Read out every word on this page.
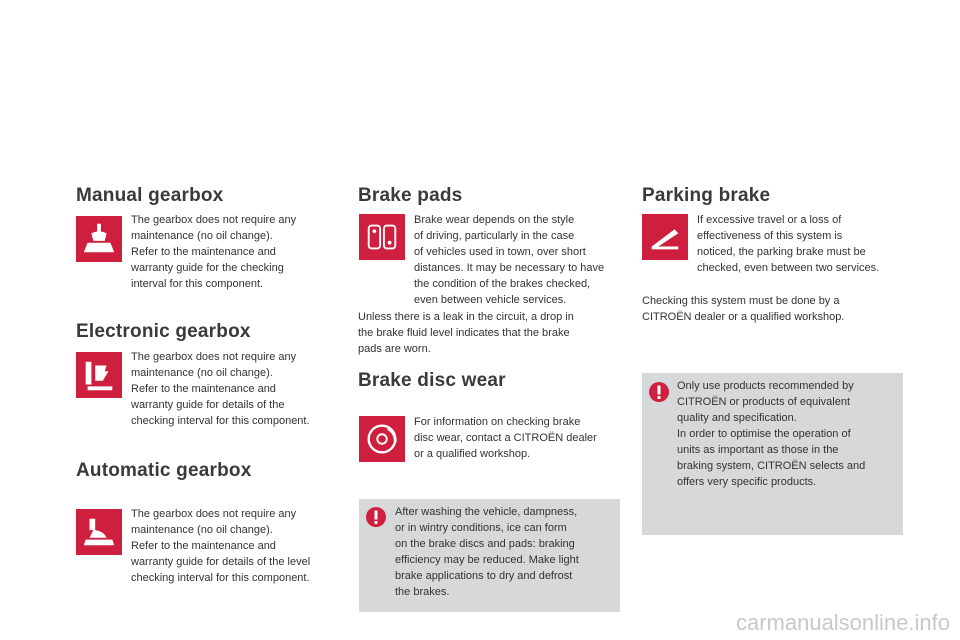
Manual gearbox

The gearbox does not require any
maintenance (no oil change).
Refer to the maintenance and
warranty guide for the checking
interval for this component.

Electronic gearbox

The gearbox does not require any
maintenance (no oil change).
Refer to the maintenance and
warranty guide for details of the
checking interval for this component.

Automatic gearbox

The gearbox does not require any
maintenance (no oil change).
Refer to the maintenance and
warranty guide for details of the level
checking interval for this component.

Brake pads

Brake wear depends on the style
of driving, particularly in the case
of vehicles used in town, over short
distances. It may be necessary to have
the condition of the brakes checked,
even between vehicle services.

Unless there is a leak in the circuit, a drop in
the brake fluid level indicates that the brake
pads are worn.

Brake disc wear

For information on checking brake
disc wear, contact a CITROËN dealer
or a qualified workshop.

After washing the vehicle, dampness,
or in wintry conditions, ice can form
on the brake discs and pads: braking
efficiency may be reduced. Make light
brake applications to dry and defrost
the brakes.

Parking brake

If excessive travel or a loss of
effectiveness of this system is
noticed, the parking brake must be
checked, even between two services.

Checking this system must be done by a
CITROËN dealer or a qualified workshop.

Only use products recommended by
CITROËN or products of equivalent
quality and specification.
In order to optimise the operation of
units as important as those in the
braking system, CITROËN selects and
offers very specific products.

carmanualsonline.info
